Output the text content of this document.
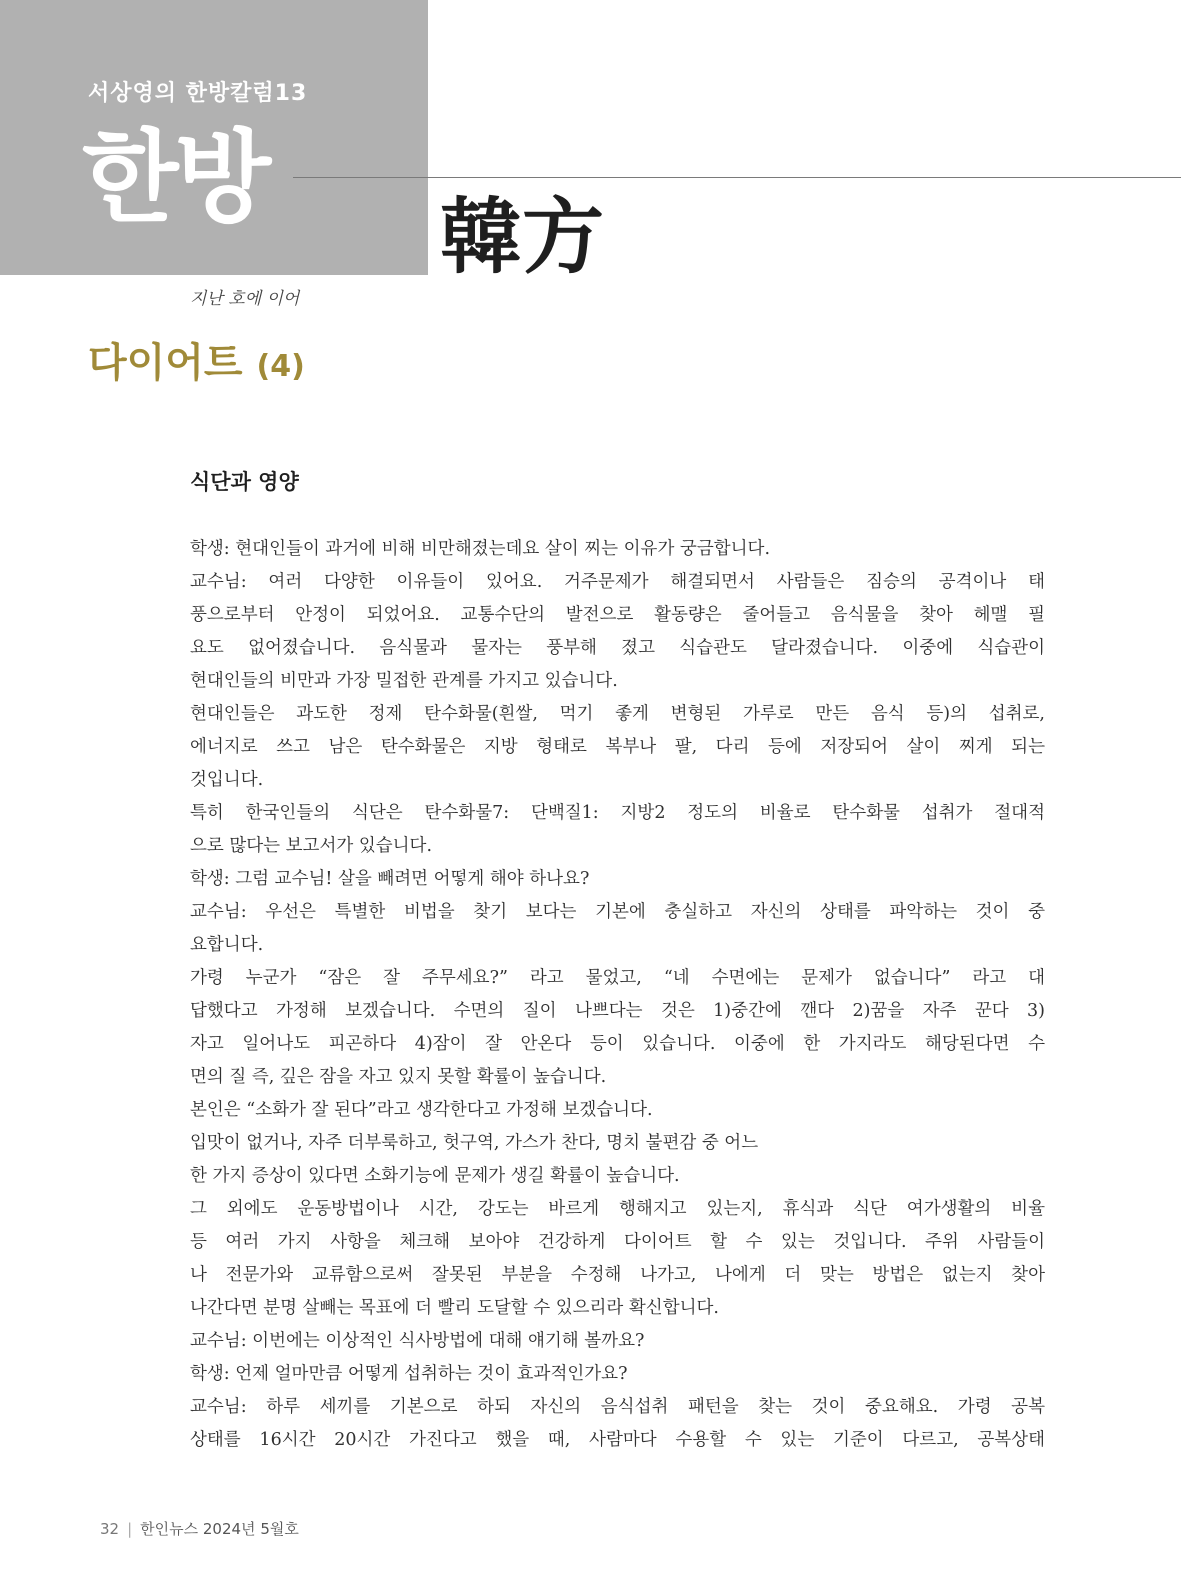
서상영의 한방칼럼13
한방
韓方
지난 호에 이어
다이어트 (4)
식단과 영양
학생: 현대인들이 과거에 비해 비만해졌는데요 살이 찌는 이유가 궁금합니다.
교수님: 여러 다양한 이유들이 있어요. 거주문제가 해결되면서 사람들은 짐승의 공격이나 태
풍으로부터 안정이 되었어요. 교통수단의 발전으로 활동량은 줄어들고 음식물을 찾아 헤맬 필
요도 없어졌습니다. 음식물과 물자는 풍부해 졌고 식습관도 달라졌습니다. 이중에 식습관이
현대인들의 비만과 가장 밀접한 관계를 가지고 있습니다.
현대인들은 과도한 정제 탄수화물(흰쌀, 먹기 좋게 변형된 가루로 만든 음식 등)의 섭취로,
에너지로 쓰고 남은 탄수화물은 지방 형태로 복부나 팔, 다리 등에 저장되어 살이 찌게 되는
것입니다.
특히 한국인들의 식단은 탄수화물7: 단백질1: 지방2 정도의 비율로 탄수화물 섭취가 절대적
으로 많다는 보고서가 있습니다.
학생: 그럼 교수님! 살을 빼려면 어떻게 해야 하나요?
교수님: 우선은 특별한 비법을 찾기 보다는 기본에 충실하고 자신의 상태를 파악하는 것이 중
요합니다.
가령 누군가 “잠은 잘 주무세요?” 라고 물었고, “네 수면에는 문제가 없습니다” 라고 대
답했다고 가정해 보겠습니다. 수면의 질이 나쁘다는 것은 1)중간에 깬다 2)꿈을 자주 꾼다 3)
자고 일어나도 피곤하다 4)잠이 잘 안온다 등이 있습니다. 이중에 한 가지라도 해당된다면 수
면의 질 즉, 깊은 잠을 자고 있지 못할 확률이 높습니다.
본인은 “소화가 잘 된다”라고 생각한다고 가정해 보겠습니다.
입맛이 없거나, 자주 더부룩하고, 헛구역, 가스가 찬다, 명치 불편감 중 어느
한 가지 증상이 있다면 소화기능에 문제가 생길 확률이 높습니다.
그 외에도 운동방법이나 시간, 강도는 바르게 행해지고 있는지, 휴식과 식단 여가생활의 비율
등 여러 가지 사항을 체크해 보아야 건강하게 다이어트 할 수 있는 것입니다. 주위 사람들이
나 전문가와 교류함으로써 잘못된 부분을 수정해 나가고, 나에게 더 맞는 방법은 없는지 찾아
나간다면 분명 살빼는 목표에 더 빨리 도달할 수 있으리라 확신합니다.
교수님: 이번에는 이상적인 식사방법에 대해 얘기해 볼까요?
학생: 언제 얼마만큼 어떻게 섭취하는 것이 효과적인가요?
교수님: 하루 세끼를 기본으로 하되 자신의 음식섭취 패턴을 찾는 것이 중요해요. 가령 공복
상태를 16시간 20시간 가진다고 했을 때, 사람마다 수용할 수 있는 기준이 다르고, 공복상태
32 | 한인뉴스 2024년 5월호
